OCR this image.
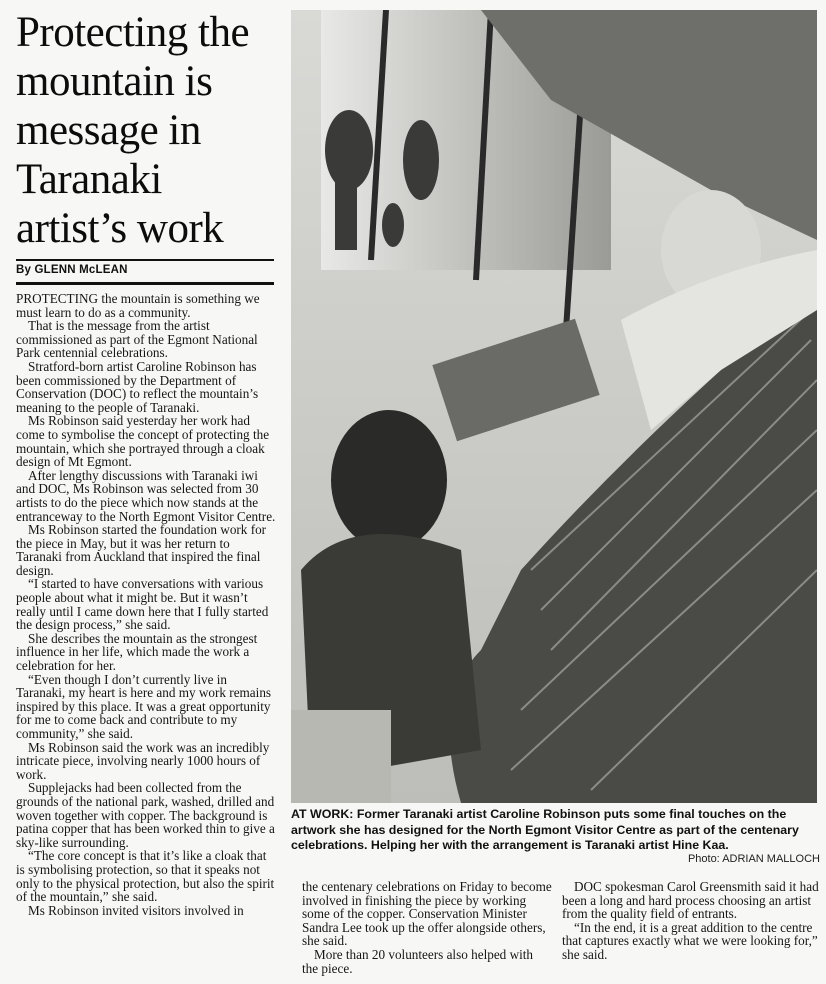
Protecting the mountain is message in Taranaki artist’s work
By GLENN McLEAN

PROTECTING the mountain is something we must learn to do as a community.

That is the message from the artist commissioned as part of the Egmont National Park centennial celebrations.

Stratford-born artist Caroline Robinson has been commissioned by the Department of Conservation (DOC) to reflect the mountain’s meaning to the people of Taranaki.

Ms Robinson said yesterday her work had come to symbolise the concept of protecting the mountain, which she portrayed through a cloak design of Mt Egmont.

After lengthy discussions with Taranaki iwi and DOC, Ms Robinson was selected from 30 artists to do the piece which now stands at the entranceway to the North Egmont Visitor Centre.

Ms Robinson started the foundation work for the piece in May, but it was her return to Taranaki from Auckland that inspired the final design.

“I started to have conversations with various people about what it might be. But it wasn’t really until I came down here that I fully started the design process,” she said.

She describes the mountain as the strongest influence in her life, which made the work a celebration for her.

“Even though I don’t currently live in Taranaki, my heart is here and my work remains inspired by this place. It was a great opportunity for me to come back and contribute to my community,” she said.

Ms Robinson said the work was an incredibly intricate piece, involving nearly 1000 hours of work.

Supplejacks had been collected from the grounds of the national park, washed, drilled and woven together with copper. The background is patina copper that has been worked thin to give a sky-like surrounding.

“The core concept is that it’s like a cloak that is symbolising protection, so that it speaks not only to the physical protection, but also the spirit of the mountain,” she said.

Ms Robinson invited visitors involved in

AT WORK: Former Taranaki artist Caroline Robinson puts some final touches on the artwork she has designed for the North Egmont Visitor Centre as part of the centenary celebrations. Helping her with the arrangement is Taranaki artist Hine Kaa.
Photo: ADRIAN MALLOCH

the centenary celebrations on Friday to become involved in finishing the piece by working some of the copper. Conservation Minister Sandra Lee took up the offer alongside others, she said.

More than 20 volunteers also helped with the piece.

DOC spokesman Carol Greensmith said it had been a long and hard process choosing an artist from the quality field of entrants.

“In the end, it is a great addition to the centre that captures exactly what we were looking for,” she said.
